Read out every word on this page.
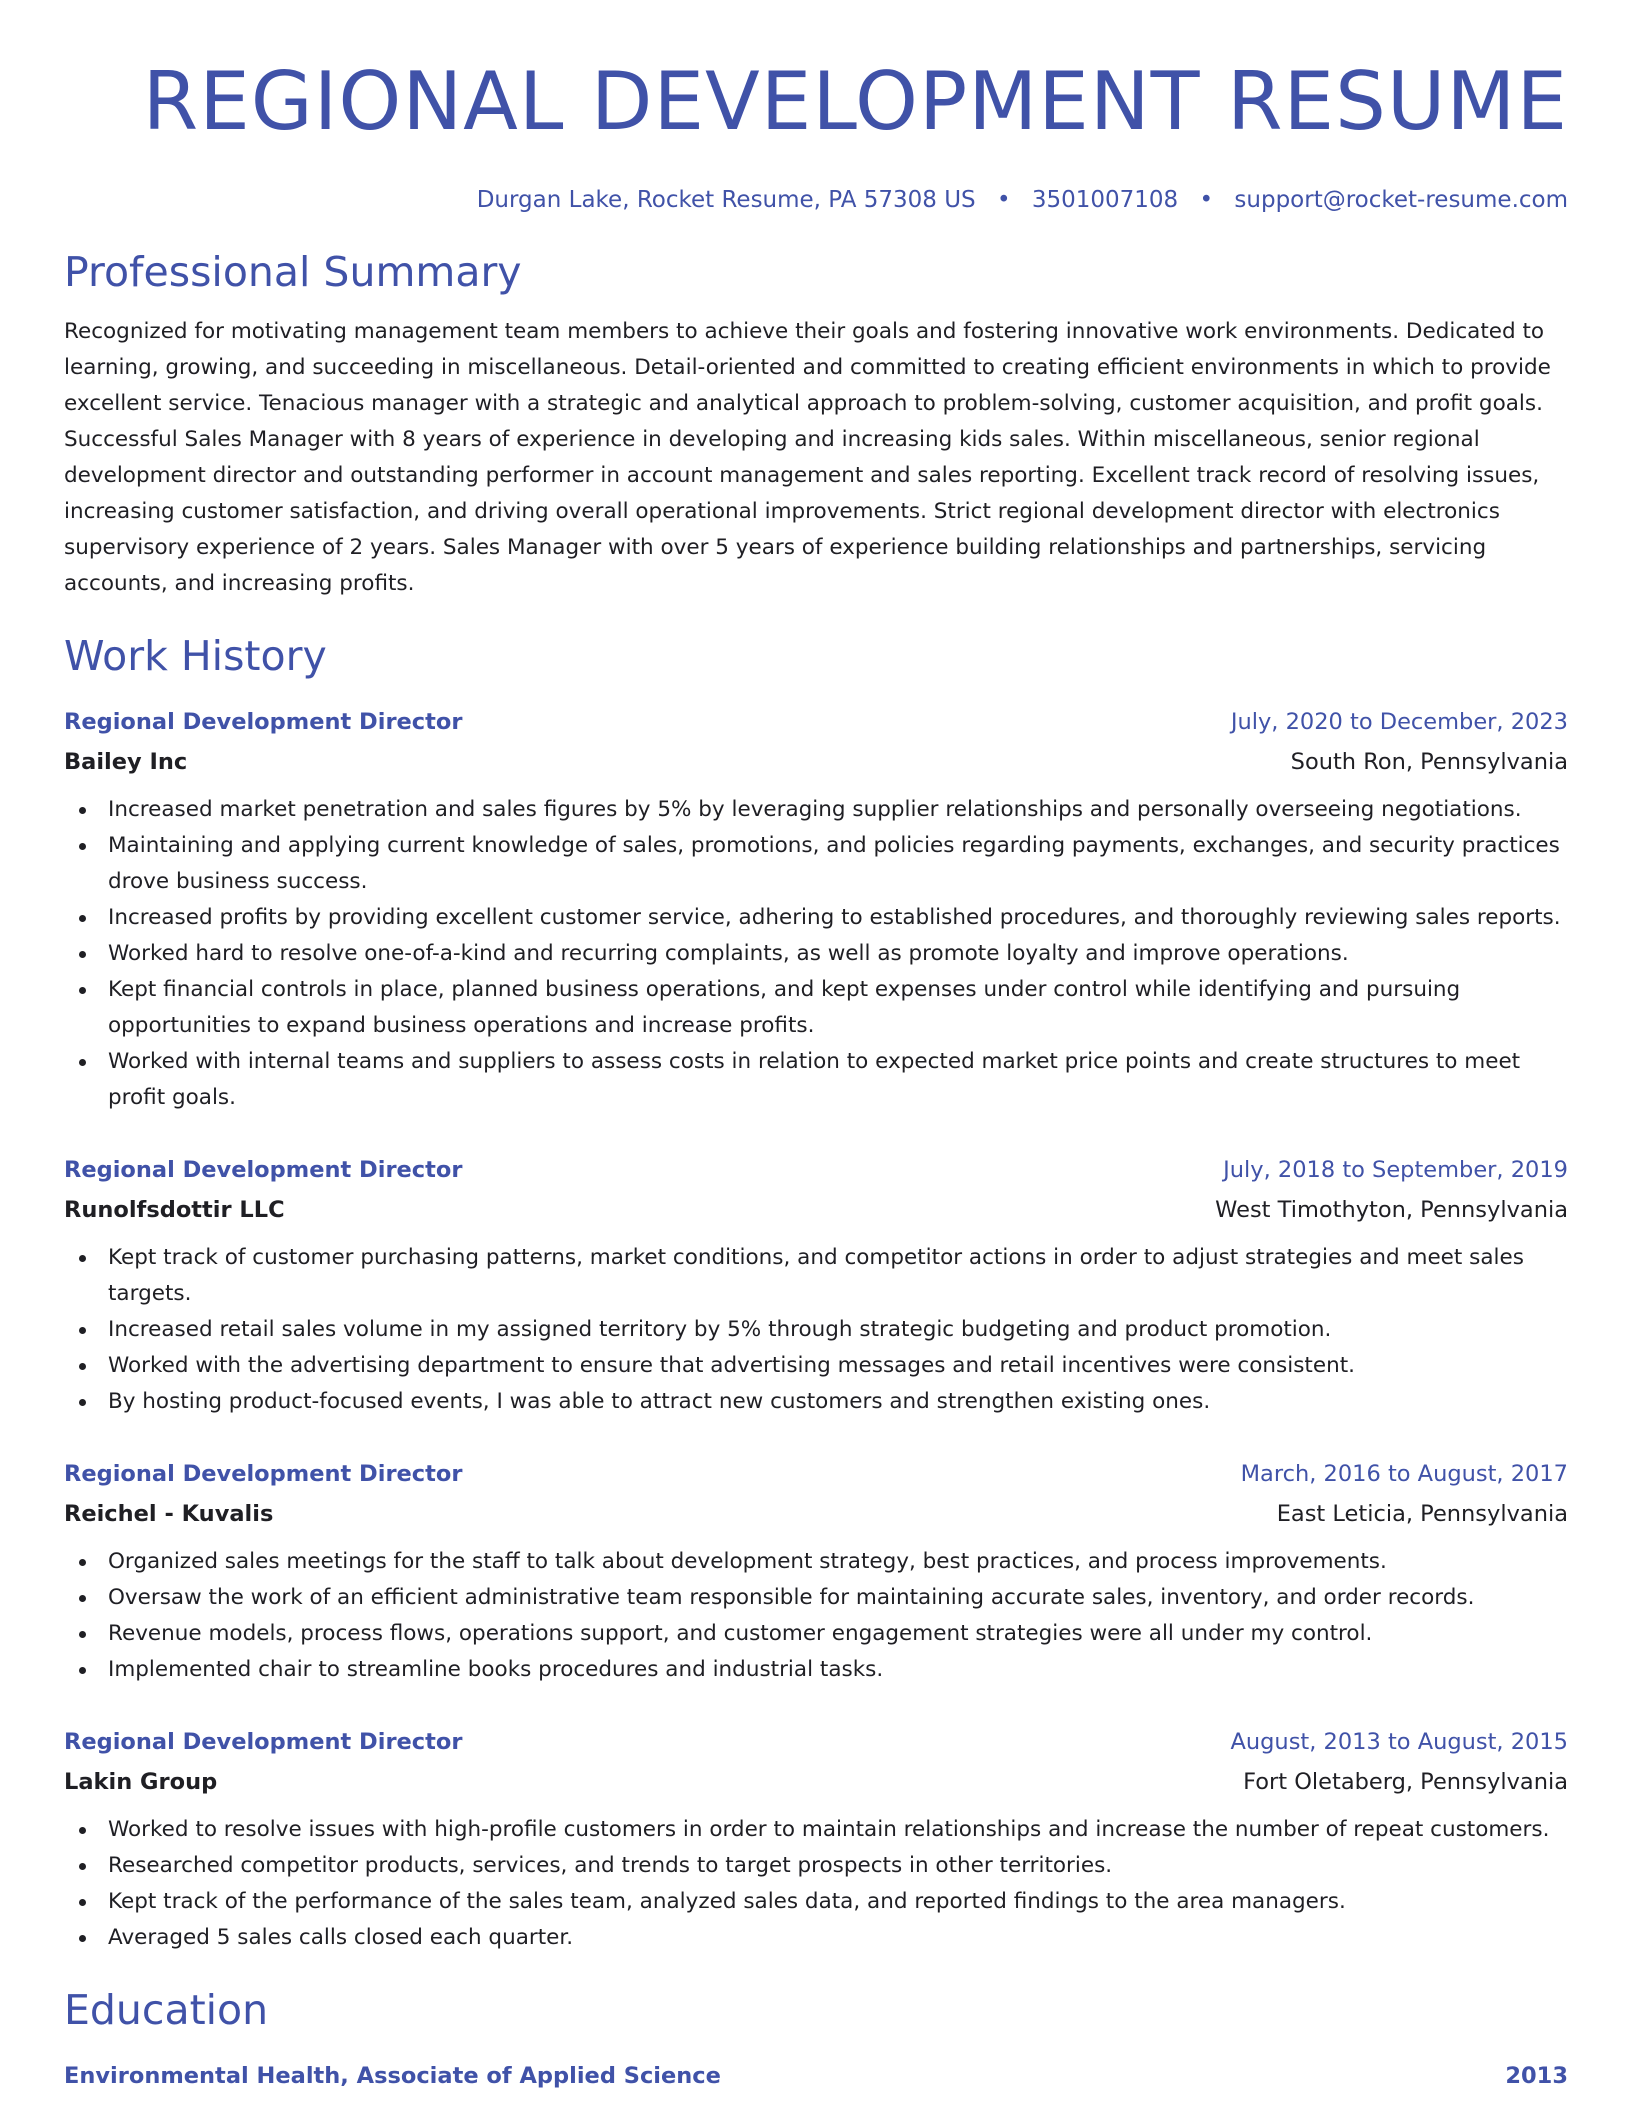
REGIONAL DEVELOPMENT RESUME
Durgan Lake, Rocket Resume, PA 57308 US • 3501007108 • support@rocket-resume.com
Professional Summary
Recognized for motivating management team members to achieve their goals and fostering innovative work environments. Dedicated to learning, growing, and succeeding in miscellaneous. Detail-oriented and committed to creating efficient environments in which to provide excellent service. Tenacious manager with a strategic and analytical approach to problem-solving, customer acquisition, and profit goals. Successful Sales Manager with 8 years of experience in developing and increasing kids sales. Within miscellaneous, senior regional development director and outstanding performer in account management and sales reporting. Excellent track record of resolving issues, increasing customer satisfaction, and driving overall operational improvements. Strict regional development director with electronics supervisory experience of 2 years. Sales Manager with over 5 years of experience building relationships and partnerships, servicing accounts, and increasing profits.
Work History
Regional Development Director	July, 2020 to December, 2023
Bailey Inc	South Ron, Pennsylvania
Increased market penetration and sales figures by 5% by leveraging supplier relationships and personally overseeing negotiations.
Maintaining and applying current knowledge of sales, promotions, and policies regarding payments, exchanges, and security practices drove business success.
Increased profits by providing excellent customer service, adhering to established procedures, and thoroughly reviewing sales reports.
Worked hard to resolve one-of-a-kind and recurring complaints, as well as promote loyalty and improve operations.
Kept financial controls in place, planned business operations, and kept expenses under control while identifying and pursuing opportunities to expand business operations and increase profits.
Worked with internal teams and suppliers to assess costs in relation to expected market price points and create structures to meet profit goals.
Regional Development Director	July, 2018 to September, 2019
Runolfsdottir LLC	West Timothyton, Pennsylvania
Kept track of customer purchasing patterns, market conditions, and competitor actions in order to adjust strategies and meet sales targets.
Increased retail sales volume in my assigned territory by 5% through strategic budgeting and product promotion.
Worked with the advertising department to ensure that advertising messages and retail incentives were consistent.
By hosting product-focused events, I was able to attract new customers and strengthen existing ones.
Regional Development Director	March, 2016 to August, 2017
Reichel - Kuvalis	East Leticia, Pennsylvania
Organized sales meetings for the staff to talk about development strategy, best practices, and process improvements.
Oversaw the work of an efficient administrative team responsible for maintaining accurate sales, inventory, and order records.
Revenue models, process flows, operations support, and customer engagement strategies were all under my control.
Implemented chair to streamline books procedures and industrial tasks.
Regional Development Director	August, 2013 to August, 2015
Lakin Group	Fort Oletaberg, Pennsylvania
Worked to resolve issues with high-profile customers in order to maintain relationships and increase the number of repeat customers.
Researched competitor products, services, and trends to target prospects in other territories.
Kept track of the performance of the sales team, analyzed sales data, and reported findings to the area managers.
Averaged 5 sales calls closed each quarter.
Education
Environmental Health, Associate of Applied Science	2013
